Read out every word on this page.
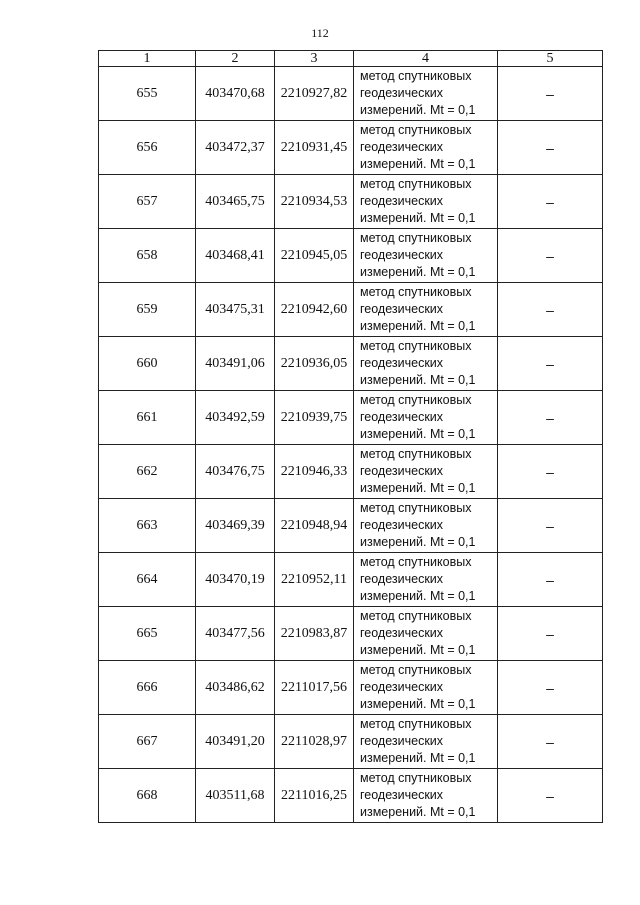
112
1	2	3	4	5
655	403470,68	2210927,82	метод спутниковых
геодезических
измерений. Mt = 0,1	–
656	403472,37	2210931,45	метод спутниковых
геодезических
измерений. Mt = 0,1	–
657	403465,75	2210934,53	метод спутниковых
геодезических
измерений. Mt = 0,1	–
658	403468,41	2210945,05	метод спутниковых
геодезических
измерений. Mt = 0,1	–
659	403475,31	2210942,60	метод спутниковых
геодезических
измерений. Mt = 0,1	–
660	403491,06	2210936,05	метод спутниковых
геодезических
измерений. Mt = 0,1	–
661	403492,59	2210939,75	метод спутниковых
геодезических
измерений. Mt = 0,1	–
662	403476,75	2210946,33	метод спутниковых
геодезических
измерений. Mt = 0,1	–
663	403469,39	2210948,94	метод спутниковых
геодезических
измерений. Mt = 0,1	–
664	403470,19	2210952,11	метод спутниковых
геодезических
измерений. Mt = 0,1	–
665	403477,56	2210983,87	метод спутниковых
геодезических
измерений. Mt = 0,1	–
666	403486,62	2211017,56	метод спутниковых
геодезических
измерений. Mt = 0,1	–
667	403491,20	2211028,97	метод спутниковых
геодезических
измерений. Mt = 0,1	–
668	403511,68	2211016,25	метод спутниковых
геодезических
измерений. Mt = 0,1	–
